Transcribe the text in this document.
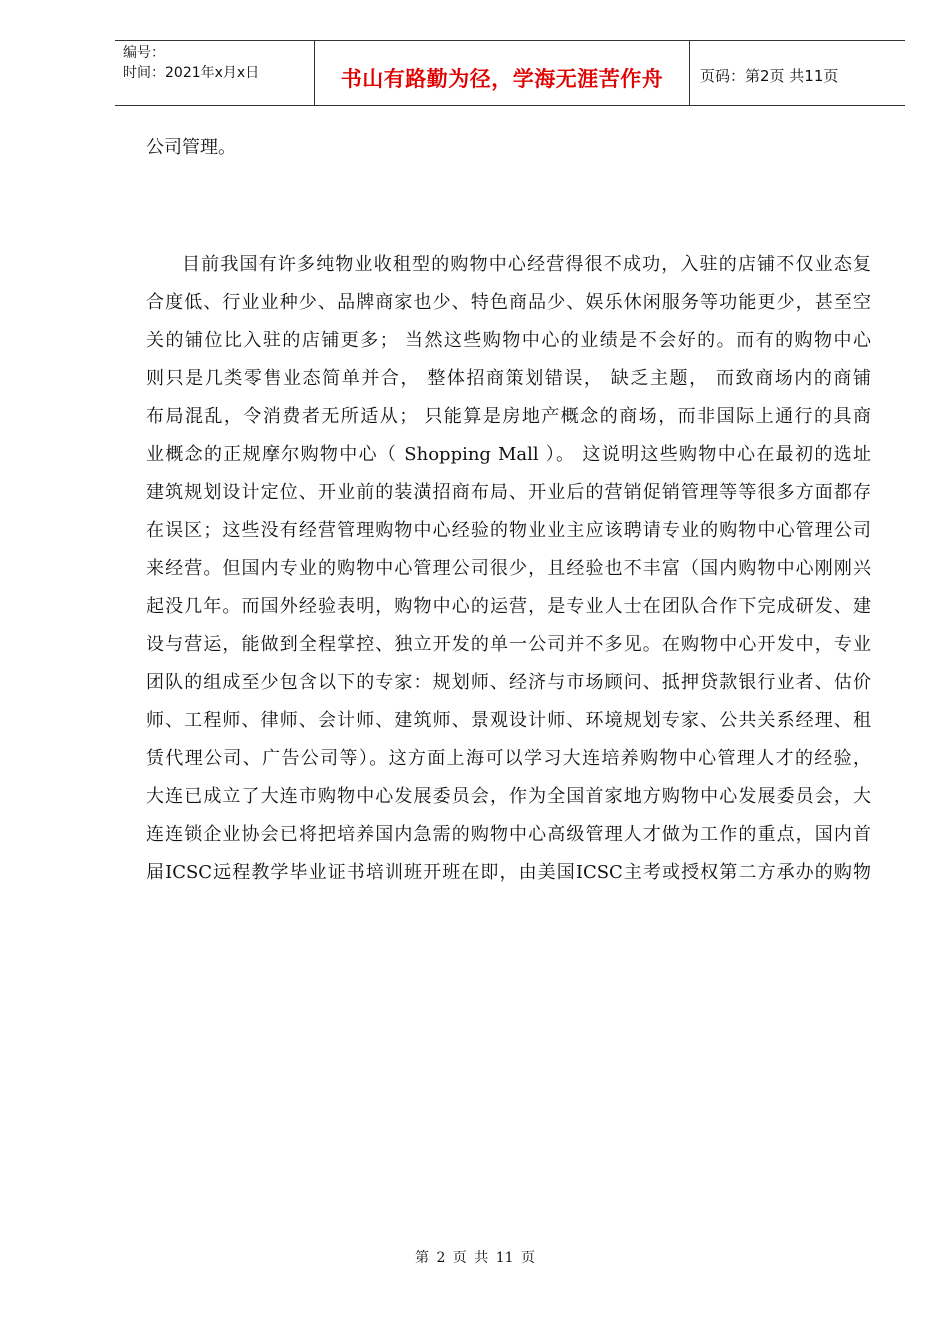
编号：
时间：2021年x月x日	书山有路勤为径，学海无涯苦作舟	页码：第2页 共11页
公司管理。
目前我国有许多纯物业收租型的购物中心经营得很不成功，入驻的店铺不仅业态复
合度低、行业业种少、品牌商家也少、特色商品少、娱乐休闲服务等功能更少，甚至空
关的铺位比入驻的店铺更多； 当然这些购物中心的业绩是不会好的。而有的购物中心
则只是几类零售业态简单并合， 整体招商策划错误， 缺乏主题， 而致商场内的商铺
布局混乱，令消费者无所适从； 只能算是房地产概念的商场，而非国际上通行的具商
业概念的正规摩尔购物中心（ Shopping Mall ）。 这说明这些购物中心在最初的选址
建筑规划设计定位、开业前的装潢招商布局、开业后的营销促销管理等等很多方面都存
在误区；这些没有经营管理购物中心经验的物业业主应该聘请专业的购物中心管理公司
来经营。但国内专业的购物中心管理公司很少，且经验也不丰富（国内购物中心刚刚兴
起没几年。而国外经验表明，购物中心的运营，是专业人士在团队合作下完成研发、建
设与营运，能做到全程掌控、独立开发的单一公司并不多见。在购物中心开发中，专业
团队的组成至少包含以下的专家：规划师、经济与市场顾问、抵押贷款银行业者、估价
师、工程师、律师、会计师、建筑师、景观设计师、环境规划专家、公共关系经理、租
赁代理公司、广告公司等）。这方面上海可以学习大连培养购物中心管理人才的经验，
大连已成立了大连市购物中心发展委员会，作为全国首家地方购物中心发展委员会，大
连连锁企业协会已将把培养国内急需的购物中心高级管理人才做为工作的重点，国内首
届ICSC远程教学毕业证书培训班开班在即，由美国ICSC主考或授权第二方承办的购物
第 2 页 共 11 页
